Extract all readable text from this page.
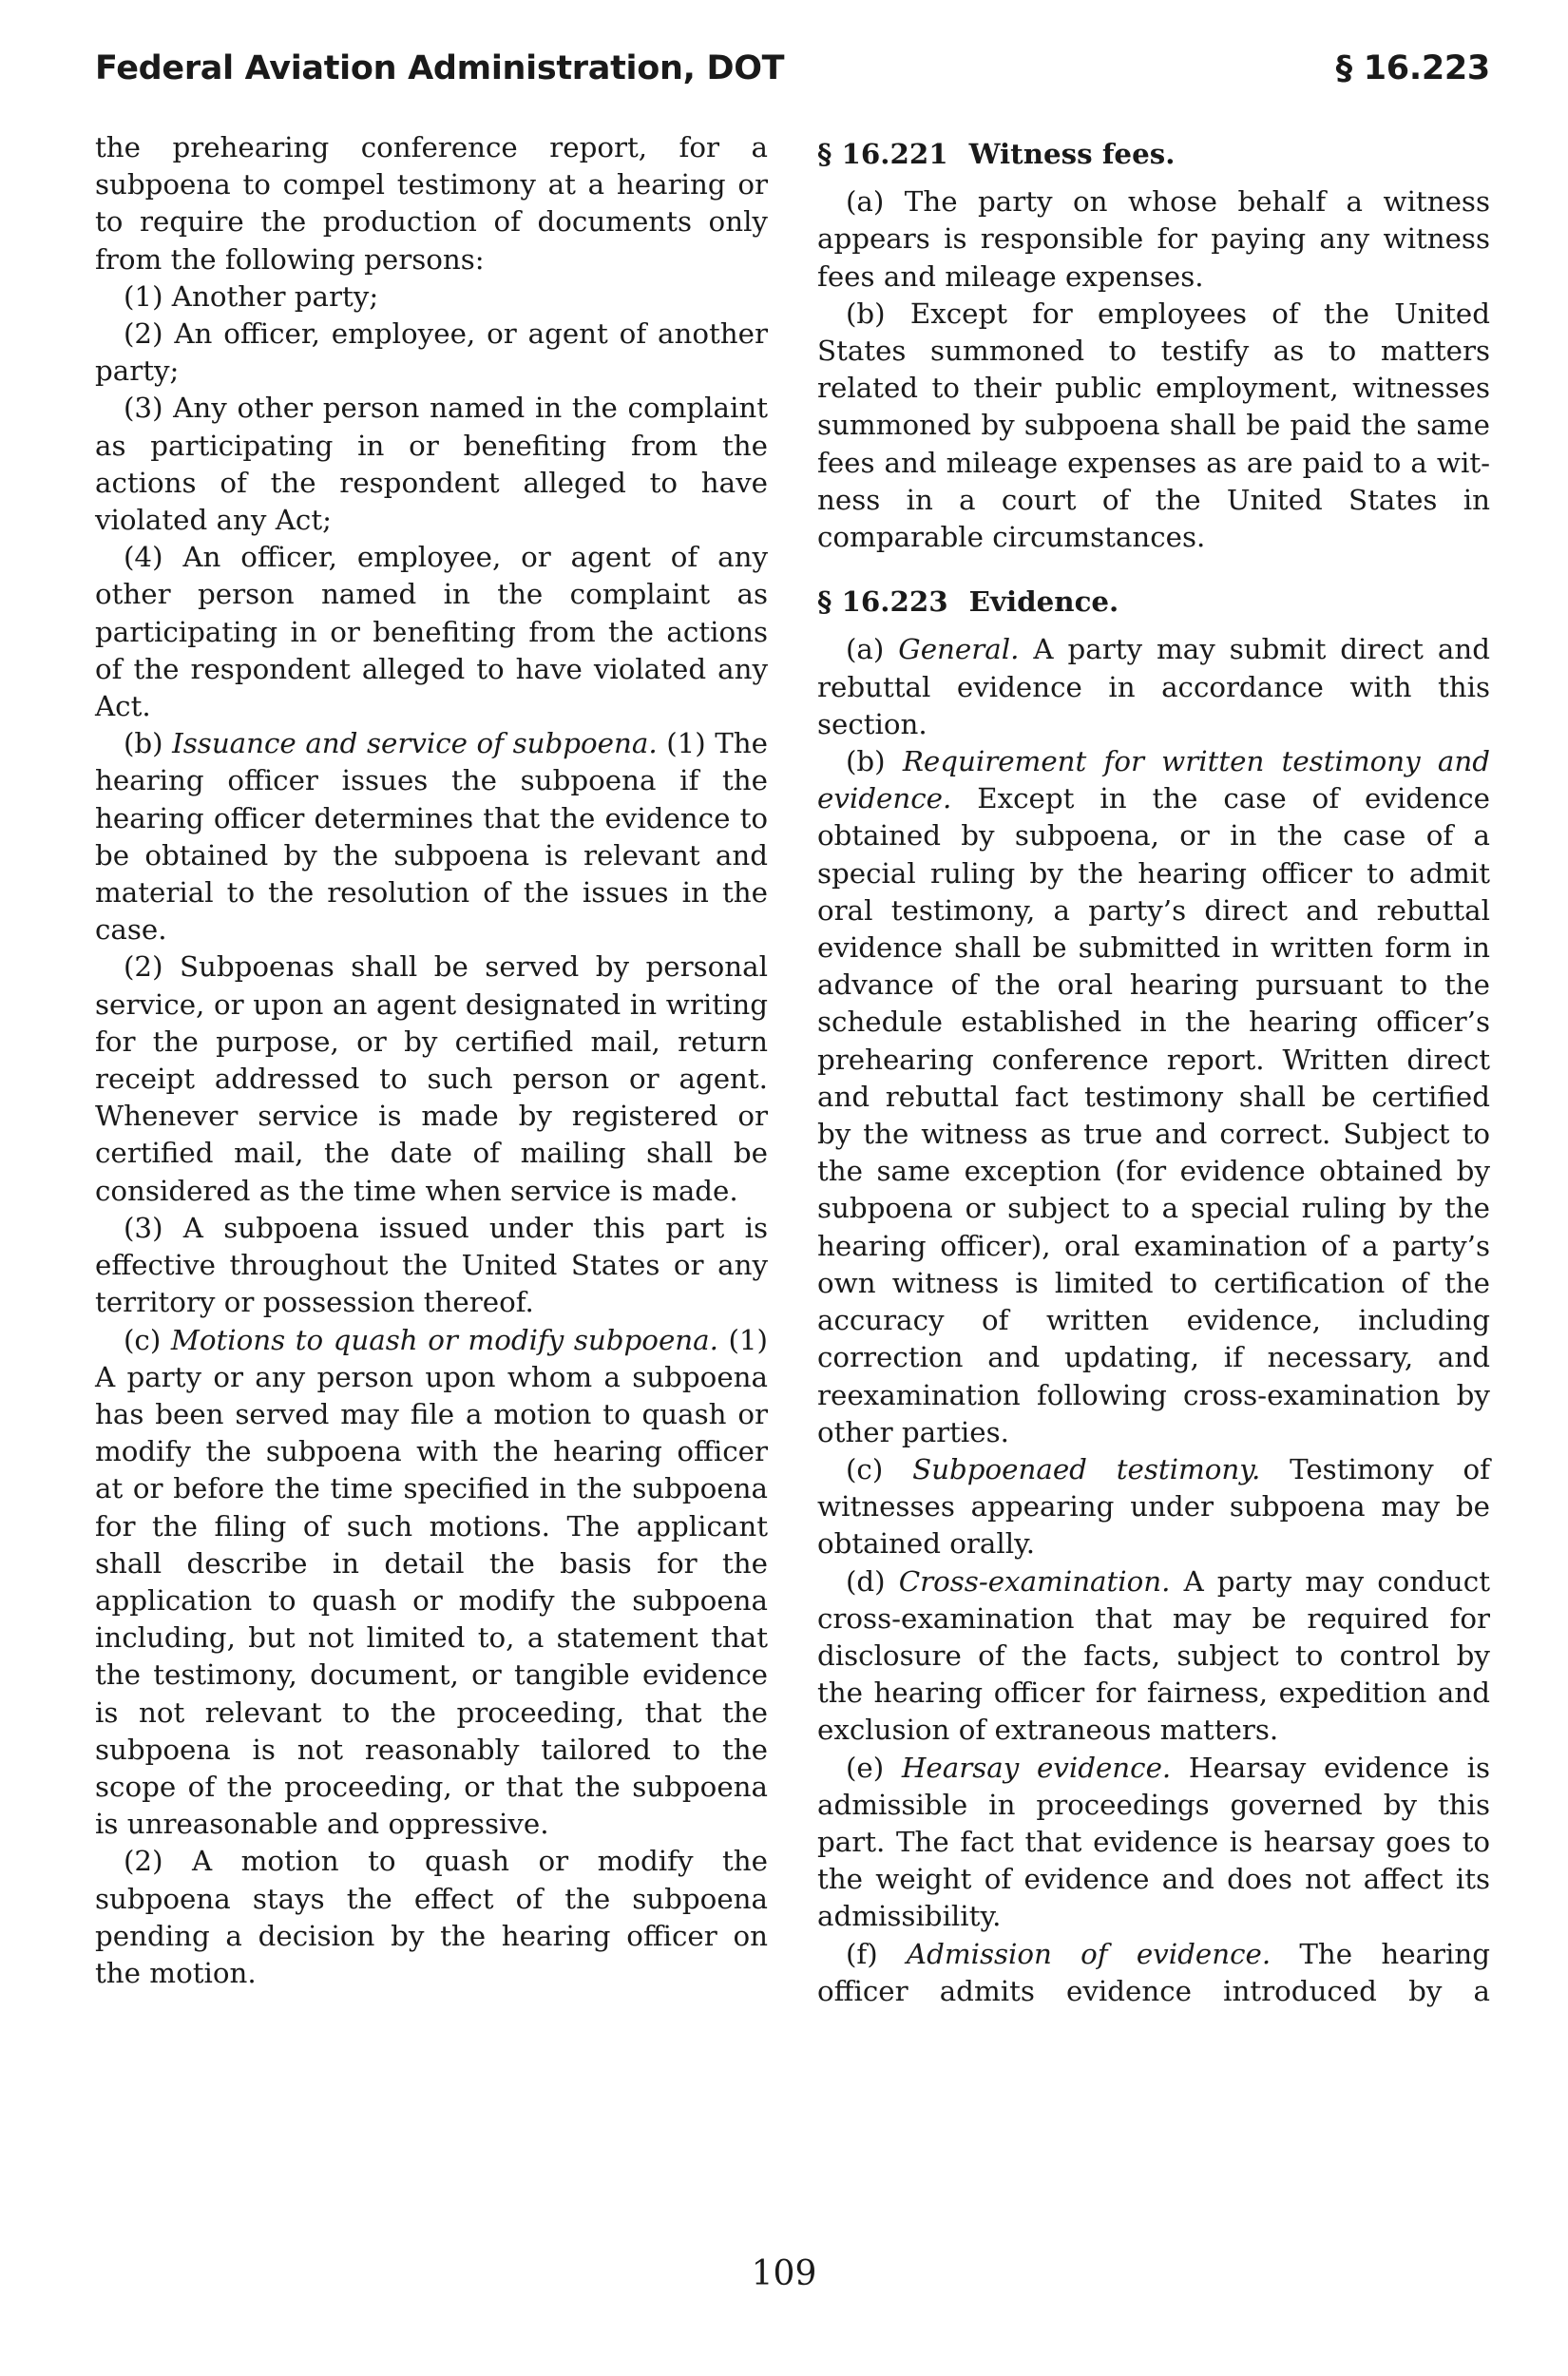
Federal Aviation Administration, DOT	§ 16.223

the prehearing conference report, for a subpoena to compel testimony at a hearing or to require the production of documents only from the following persons:

(1) Another party;

(2) An officer, employee, or agent of another party;

(3) Any other person named in the complaint as participating in or benefiting from the actions of the respondent alleged to have violated any Act;

(4) An officer, employee, or agent of any other person named in the complaint as participating in or benefiting from the actions of the respondent alleged to have violated any Act.

(b) Issuance and service of subpoena. (1) The hearing officer issues the subpoena if the hearing officer determines that the evidence to be obtained by the subpoena is relevant and material to the resolution of the issues in the case.

(2) Subpoenas shall be served by personal service, or upon an agent designated in writing for the purpose, or by certified mail, return receipt addressed to such person or agent. Whenever service is made by registered or certified mail, the date of mailing shall be considered as the time when service is made.

(3) A subpoena issued under this part is effective throughout the United States or any territory or possession thereof.

(c) Motions to quash or modify subpoena. (1) A party or any person upon whom a subpoena has been served may file a motion to quash or modify the subpoena with the hearing officer at or before the time specified in the subpoena for the filing of such motions. The applicant shall describe in detail the basis for the application to quash or modify the subpoena including, but not limited to, a statement that the testimony, document, or tangible evidence is not relevant to the proceeding, that the subpoena is not reasonably tailored to the scope of the proceeding, or that the subpoena is unreasonable and oppressive.

(2) A motion to quash or modify the subpoena stays the effect of the subpoena pending a decision by the hearing officer on the motion.

§ 16.221 Witness fees.

(a) The party on whose behalf a witness appears is responsible for paying any witness fees and mileage expenses.

(b) Except for employees of the United States summoned to testify as to matters related to their public employment, witnesses summoned by subpoena shall be paid the same fees and mileage expenses as are paid to a witness in a court of the United States in comparable circumstances.

§ 16.223 Evidence.

(a) General. A party may submit direct and rebuttal evidence in accordance with this section.

(b) Requirement for written testimony and evidence. Except in the case of evidence obtained by subpoena, or in the case of a special ruling by the hearing officer to admit oral testimony, a party’s direct and rebuttal evidence shall be submitted in written form in advance of the oral hearing pursuant to the schedule established in the hearing officer’s prehearing conference report. Written direct and rebuttal fact testimony shall be certified by the witness as true and correct. Subject to the same exception (for evidence obtained by subpoena or subject to a special ruling by the hearing officer), oral examination of a party’s own witness is limited to certification of the accuracy of written evidence, including correction and updating, if necessary, and reexamination following cross-examination by other parties.

(c) Subpoenaed testimony. Testimony of witnesses appearing under subpoena may be obtained orally.

(d) Cross-examination. A party may conduct cross-examination that may be required for disclosure of the facts, subject to control by the hearing officer for fairness, expedition and exclusion of extraneous matters.

(e) Hearsay evidence. Hearsay evidence is admissible in proceedings governed by this part. The fact that evidence is hearsay goes to the weight of evidence and does not affect its admissibility.

(f) Admission of evidence. The hearing officer admits evidence introduced by a

109
